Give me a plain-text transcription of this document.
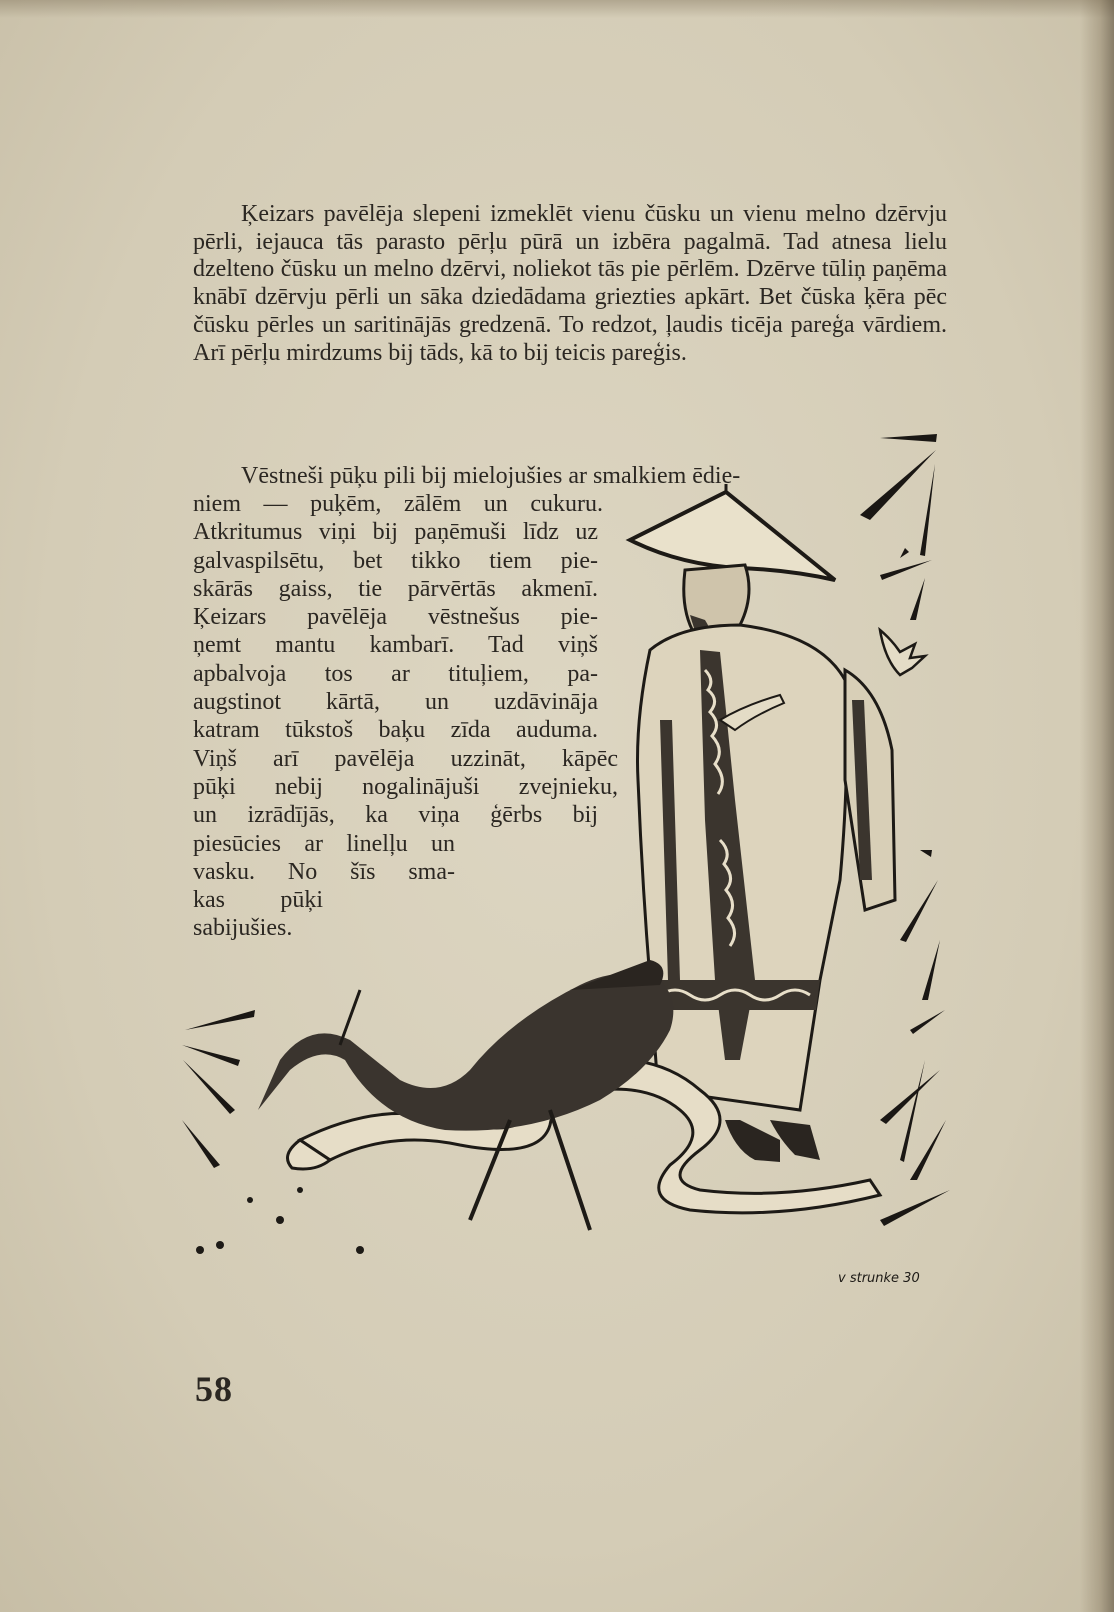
Ķeizars pavēlēja slepeni izmeklēt vienu čūsku un vienu melno dzērvju pērli, iejauca tās parasto pērļu pūrā un izbēra pagalmā. Tad atnesa lielu dzelteno čūsku un melno dzērvi, noliekot tās pie pērlēm. Dzērve tūliņ paņēma knābī dzērvju pērli un sāka dziedādama griezties apkārt. Bet čūska ķēra pēc čūsku pērles un saritinājās gredzenā. To redzot, ļaudis ticēja pareģa vārdiem. Arī pērļu mirdzums bij tāds, kā to bij teicis pareģis.

Vēstneši pūķu pili bij mielojušies ar smalkiem ēdie-

niem — puķēm, zālēm un cukuru.
Atkritumus viņi bij paņēmuši līdz uz
galvaspilsētu, bet tikko tiem pie-
skārās gaiss, tie pārvērtās akmenī.
Ķeizars pavēlēja vēstnešus pie-
ņemt mantu kambarī. Tad viņš
apbalvoja tos ar tituļiem, pa-
augstinot kārtā, un uzdāvināja
katram tūkstoš baķu zīda auduma.
Viņš arī pavēlēja uzzināt, kāpēc
pūķi nebij nogalinājuši zvejnieku,
un izrādījās, ka viņa ģērbs bij
piesūcies ar linelļu un
vasku. No šīs sma-
kas pūķi
sabijušies.
v strunke 30
58
